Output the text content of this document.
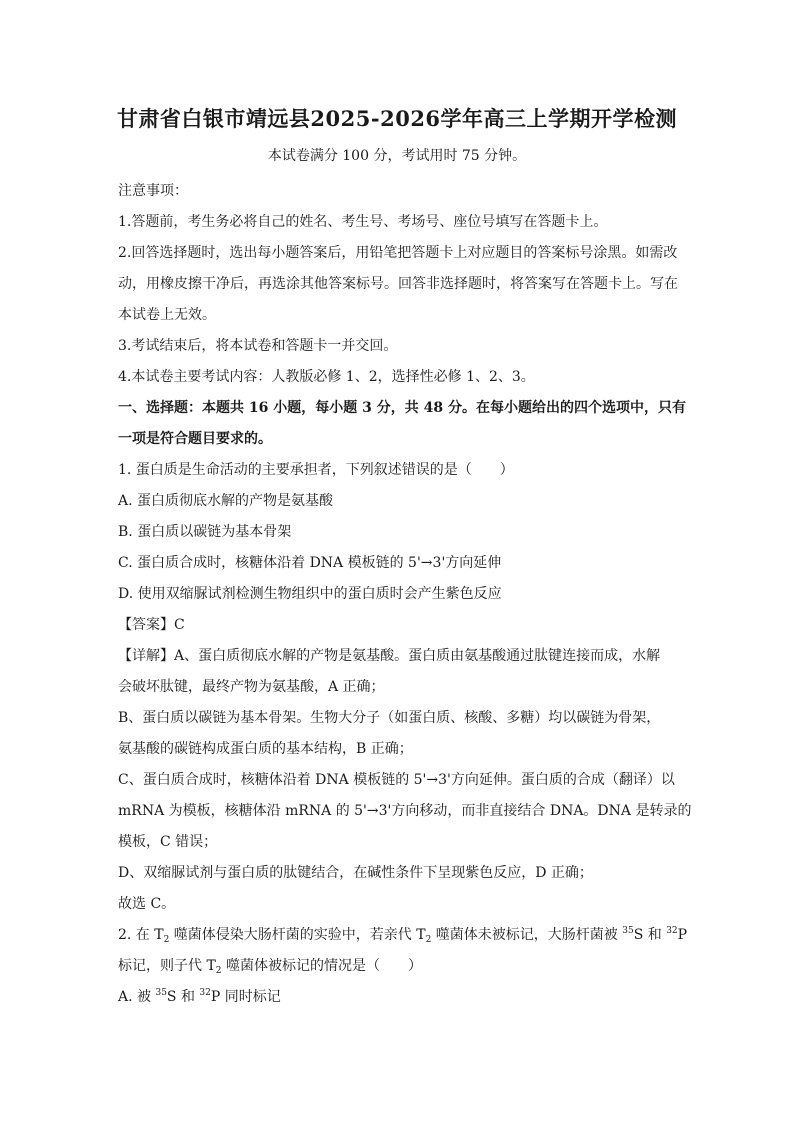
甘肃省白银市靖远县2025-2026学年高三上学期开学检测
本试卷满分 100 分，考试用时 75 分钟。
注意事项：
1.答题前，考生务必将自己的姓名、考生号、考场号、座位号填写在答题卡上。
2.回答选择题时，选出每小题答案后，用铅笔把答题卡上对应题目的答案标号涂黑。如需改
动，用橡皮擦干净后，再选涂其他答案标号。回答非选择题时，将答案写在答题卡上。写在
本试卷上无效。
3.考试结束后，将本试卷和答题卡一并交回。
4.本试卷主要考试内容：人教版必修 1、2，选择性必修 1、2、3。
一、选择题：本题共 16 小题，每小题 3 分，共 48 分。在每小题给出的四个选项中，只有
一项是符合题目要求的。
1. 蛋白质是生命活动的主要承担者，下列叙述错误的是（　　）
A. 蛋白质彻底水解的产物是氨基酸
B. 蛋白质以碳链为基本骨架
C. 蛋白质合成时，核糖体沿着 DNA 模板链的 5'→3'方向延伸
D. 使用双缩脲试剂检测生物组织中的蛋白质时会产生紫色反应
【答案】C
【详解】A、蛋白质彻底水解的产物是氨基酸。蛋白质由氨基酸通过肽键连接而成，水解
会破坏肽键，最终产物为氨基酸，A 正确；
B、蛋白质以碳链为基本骨架。生物大分子（如蛋白质、核酸、多糖）均以碳链为骨架，
氨基酸的碳链构成蛋白质的基本结构，B 正确；
C、蛋白质合成时，核糖体沿着 DNA 模板链的 5'→3'方向延伸。蛋白质的合成（翻译）以
mRNA 为模板，核糖体沿 mRNA 的 5'→3'方向移动，而非直接结合 DNA。DNA 是转录的
模板，C 错误；
D、双缩脲试剂与蛋白质的肽键结合，在碱性条件下呈现紫色反应，D 正确；
故选 C。
2. 在 $T_2$ 噬菌体侵染大肠杆菌的实验中，若亲代 $T_2$ 噬菌体未被标记，大肠杆菌被 $^{35}$S 和 $^{32}$P
标记，则子代 $T_2$ 噬菌体被标记的情况是（　　）
A. 被 $^{35}$S 和 $^{32}$P 同时标记
